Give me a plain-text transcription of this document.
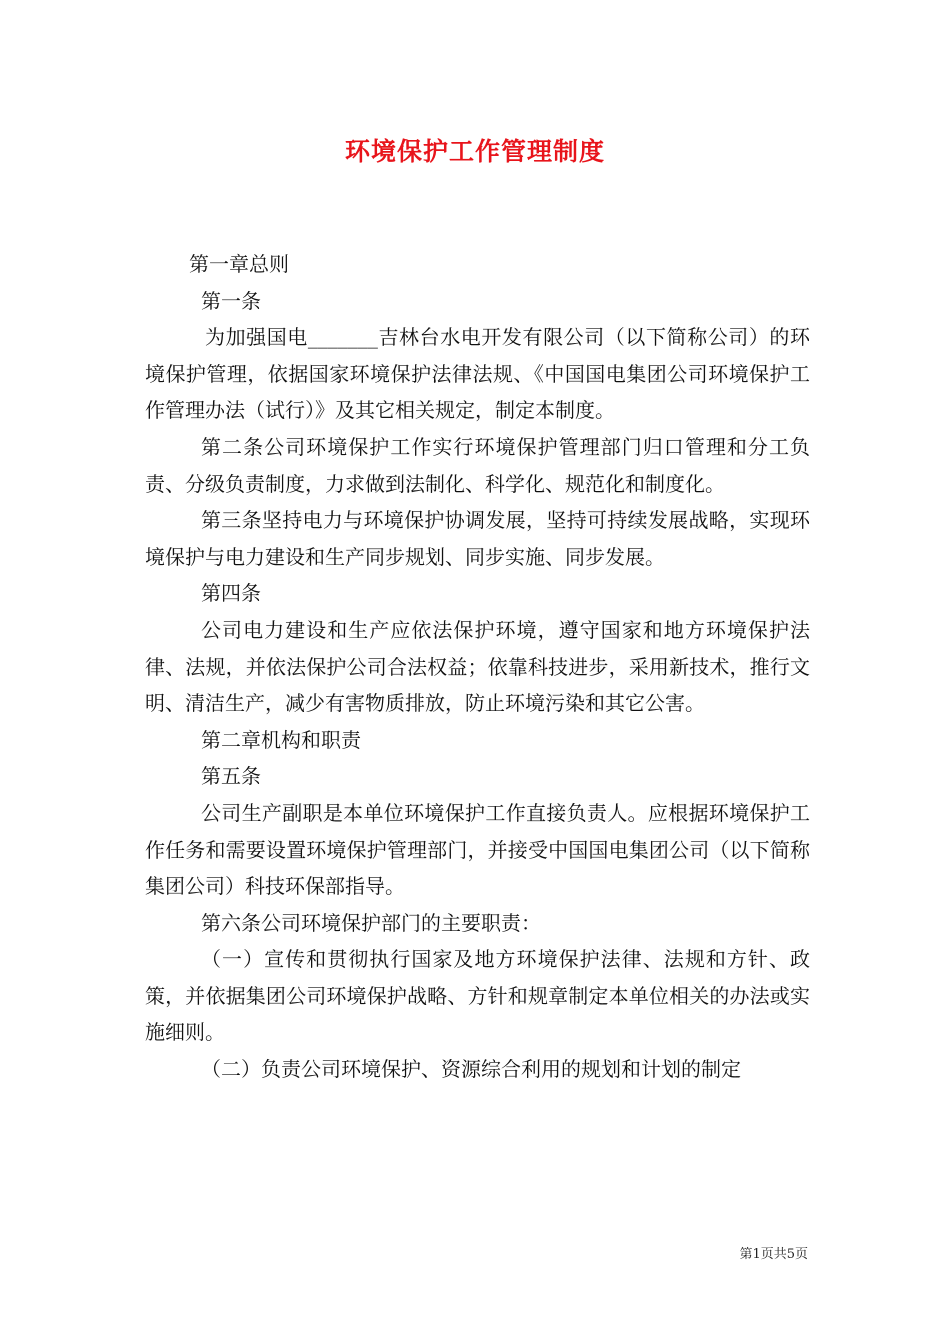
环境保护工作管理制度

第一章总则

第一条

为加强国电_______吉林台水电开发有限公司（以下简称公司）的环境保护管理，依据国家环境保护法律法规、《中国国电集团公司环境保护工作管理办法（试行）》及其它相关规定，制定本制度。

第二条公司环境保护工作实行环境保护管理部门归口管理和分工负责、分级负责制度，力求做到法制化、科学化、规范化和制度化。

第三条坚持电力与环境保护协调发展，坚持可持续发展战略，实现环境保护与电力建设和生产同步规划、同步实施、同步发展。

第四条

公司电力建设和生产应依法保护环境，遵守国家和地方环境保护法律、法规，并依法保护公司合法权益；依靠科技进步，采用新技术，推行文明、清洁生产，减少有害物质排放，防止环境污染和其它公害。

第二章机构和职责

第五条

公司生产副职是本单位环境保护工作直接负责人。应根据环境保护工作任务和需要设置环境保护管理部门，并接受中国国电集团公司（以下简称集团公司）科技环保部指导。

第六条公司环境保护部门的主要职责：

（一）宣传和贯彻执行国家及地方环境保护法律、法规和方针、政策，并依据集团公司环境保护战略、方针和规章制定本单位相关的办法或实施细则。

（二）负责公司环境保护、资源综合利用的规划和计划的制定

第1页共5页
